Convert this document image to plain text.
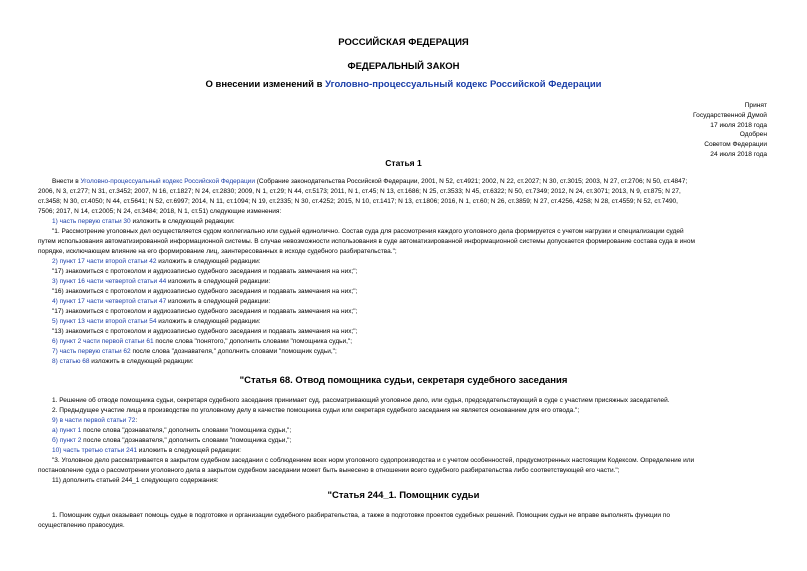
РОССИЙСКАЯ ФЕДЕРАЦИЯ
ФЕДЕРАЛЬНЫЙ ЗАКОН
О внесении изменений в Уголовно-процессуальный кодекс Российской Федерации
Принят
Государственной Думой
17 июля 2018 года
Одобрен
Советом Федерации
24 июля 2018 года
Статья 1

Внести в Уголовно-процессуальный кодекс Российской Федерации (Собрание законодательства Российской Федерации, 2001, N 52, ст.4921; 2002, N 22, ст.2027; N 30, ст.3015; 2003, N 27, ст.2706; N 50, ст.4847;

2006, N 3, ст.277; N 31, ст.3452; 2007, N 16, ст.1827; N 24, ст.2830; 2009, N 1, ст.29; N 44, ст.5173; 2011, N 1, ст.45; N 13, ст.1686; N 25, ст.3533; N 45, ст.6322; N 50, ст.7349; 2012, N 24, ст.3071; 2013, N 9, ст.875; N 27,

ст.3458; N 30, ст.4050; N 44, ст.5641; N 52, ст.6997; 2014, N 11, ст.1094; N 19, ст.2335; N 30, ст.4252; 2015, N 10, ст.1417; N 13, ст.1806; 2016, N 1, ст.60; N 26, ст.3859; N 27, ст.4256, 4258; N 28, ст.4559; N 52, ст.7490,

7506; 2017, N 14, ст.2005; N 24, ст.3484; 2018, N 1, ст.51) следующие изменения:

1) часть первую статьи 30 изложить в следующей редакции:

"1. Рассмотрение уголовных дел осуществляется судом коллегиально или судьей единолично. Состав суда для рассмотрения каждого уголовного дела формируется с учетом нагрузки и специализации судей

путем использования автоматизированной информационной системы. В случае невозможности использования в суде автоматизированной информационной системы допускается формирование состава суда в ином

порядке, исключающем влияние на его формирование лиц, заинтересованных в исходе судебного разбирательства.";

2) пункт 17 части второй статьи 42 изложить в следующей редакции:

"17) знакомиться с протоколом и аудиозаписью судебного заседания и подавать замечания на них;";

3) пункт 16 части четвертой статьи 44 изложить в следующей редакции:

"16) знакомиться с протоколом и аудиозаписью судебного заседания и подавать замечания на них;";

4) пункт 17 части четвертой статьи 47 изложить в следующей редакции:

"17) знакомиться с протоколом и аудиозаписью судебного заседания и подавать замечания на них;";

5) пункт 13 части второй статьи 54 изложить в следующей редакции:

"13) знакомиться с протоколом и аудиозаписью судебного заседания и подавать замечания на них;";

6) пункт 2 части первой статьи 61 после слова "понятого," дополнить словами "помощника судьи,";

7) часть первую статьи 62 после слова "дознавателя," дополнить словами "помощник судьи,";

8) статью 68 изложить в следующей редакции:

"Статья 68. Отвод помощника судьи, секретаря судебного заседания

1. Решение об отводе помощника судьи, секретаря судебного заседания принимает суд, рассматривающий уголовное дело, или судья, председательствующий в суде с участием присяжных заседателей.

2. Предыдущее участие лица в производстве по уголовному делу в качестве помощника судьи или секретаря судебного заседания не является основанием для его отвода.";

9) в части первой статьи 72:

а) пункт 1 после слова "дознавателя," дополнить словами "помощника судьи,";

б) пункт 2 после слова "дознавателя," дополнить словами "помощника судьи,";

10) часть третью статьи 241 изложить в следующей редакции:

"3. Уголовное дело рассматривается в закрытом судебном заседании с соблюдением всех норм уголовного судопроизводства и с учетом особенностей, предусмотренных настоящим Кодексом. Определение или

постановление суда о рассмотрении уголовного дела в закрытом судебном заседании может быть вынесено в отношении всего судебного разбирательства либо соответствующей его части.";

11) дополнить статьей 244_1 следующего содержания:

"Статья 244_1. Помощник судьи

1. Помощник судьи оказывает помощь судье в подготовке и организации судебного разбирательства, а также в подготовке проектов судебных решений. Помощник судьи не вправе выполнять функции по

осуществлению правосудия.
